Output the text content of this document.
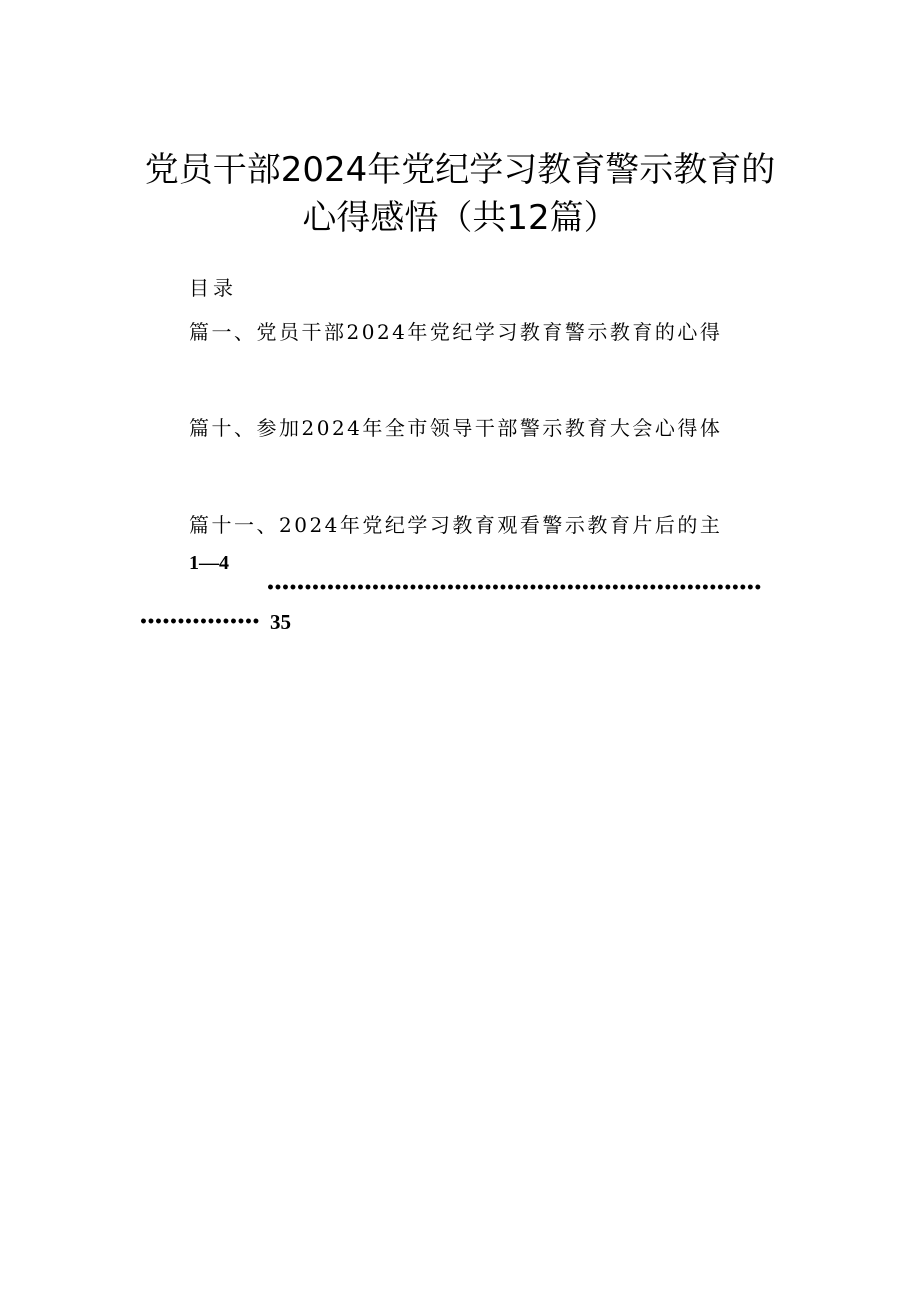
党员干部2024年党纪学习教育警示教育的
心得感悟（共12篇）
目录
篇一、党员干部2024年党纪学习教育警示教育的心得
篇十、参加2024年全市领导干部警示教育大会心得体
篇十一、2024年党纪学习教育观看警示教育片后的主
1—4
••••••••••••••••••••••••••••••••••••••••••••••••••••••••••••••••••
•••••••••••••••• 35
